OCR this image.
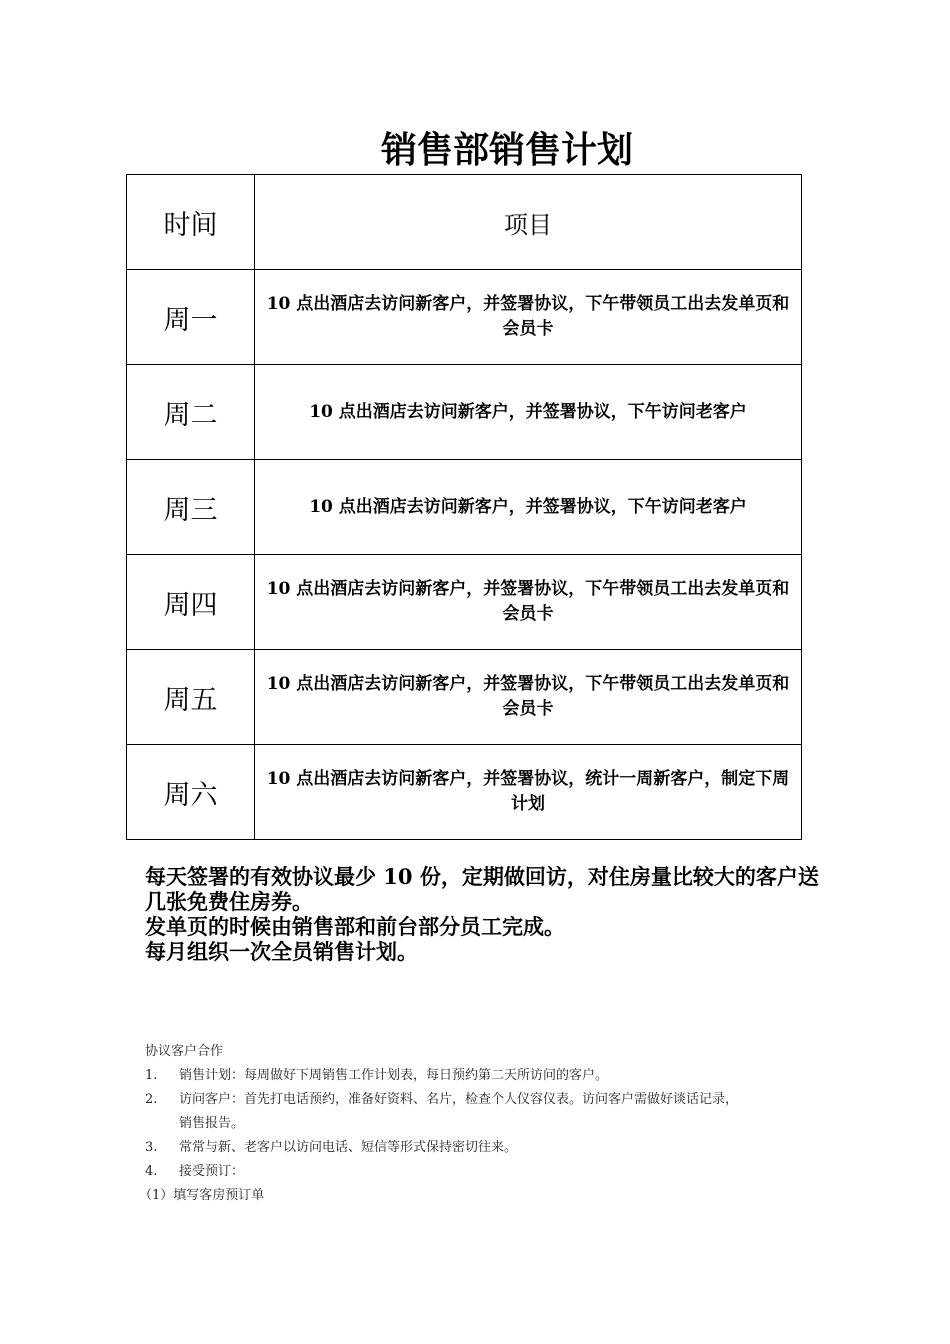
销售部销售计划
时间	项目
周一	10 点出酒店去访问新客户，并签署协议，下午带领员工出去发单页和会员卡
周二	10 点出酒店去访问新客户，并签署协议，下午访问老客户
周三	10 点出酒店去访问新客户，并签署协议，下午访问老客户
周四	10 点出酒店去访问新客户，并签署协议，下午带领员工出去发单页和会员卡
周五	10 点出酒店去访问新客户，并签署协议，下午带领员工出去发单页和会员卡
周六	10 点出酒店去访问新客户，并签署协议，统计一周新客户，制定下周计划

每天签署的有效协议最少 10 份，定期做回访，对住房量比较大的客户送几张免费住房券。

发单页的时候由销售部和前台部分员工完成。

每月组织一次全员销售计划。

协议客户合作
1.	销售计划：每周做好下周销售工作计划表，每日预约第二天所访问的客户。
2.	访问客户：首先打电话预约，准备好资料、名片，检查个人仪容仪表。访问客户需做好谈话记录，
销售报告。
3.	常常与新、老客户以访问电话、短信等形式保持密切往来。
4.	接受预订：
（1）填写客房预订单
